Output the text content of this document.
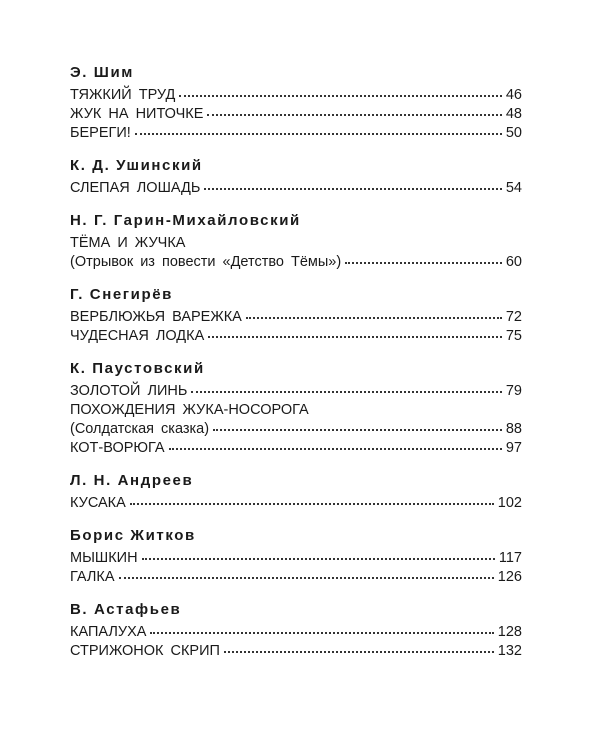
Э. Шим
ТЯЖКИЙ ТРУД	46
ЖУК НА НИТОЧКЕ	48
БЕРЕГИ!	50
К. Д. Ушинский
СЛЕПАЯ ЛОШАДЬ	54
Н. Г. Гарин-Михайловский
ТЁМА И ЖУЧКА
(Отрывок из повести «Детство Тёмы»)	60
Г. Снегирёв
ВЕРБЛЮЖЬЯ ВАРЕЖКА	72
ЧУДЕСНАЯ ЛОДКА	75
К. Паустовский
ЗОЛОТОЙ ЛИНЬ	79
ПОХОЖДЕНИЯ ЖУКА-НОСОРОГА
(Солдатская сказка)	88
КОТ-ВОРЮГА	97
Л. Н. Андреев
КУСАКА	102
Борис Житков
МЫШКИН	117
ГАЛКА	126
В. Астафьев
КАПАЛУХА	128
СТРИЖОНОК СКРИП	132
